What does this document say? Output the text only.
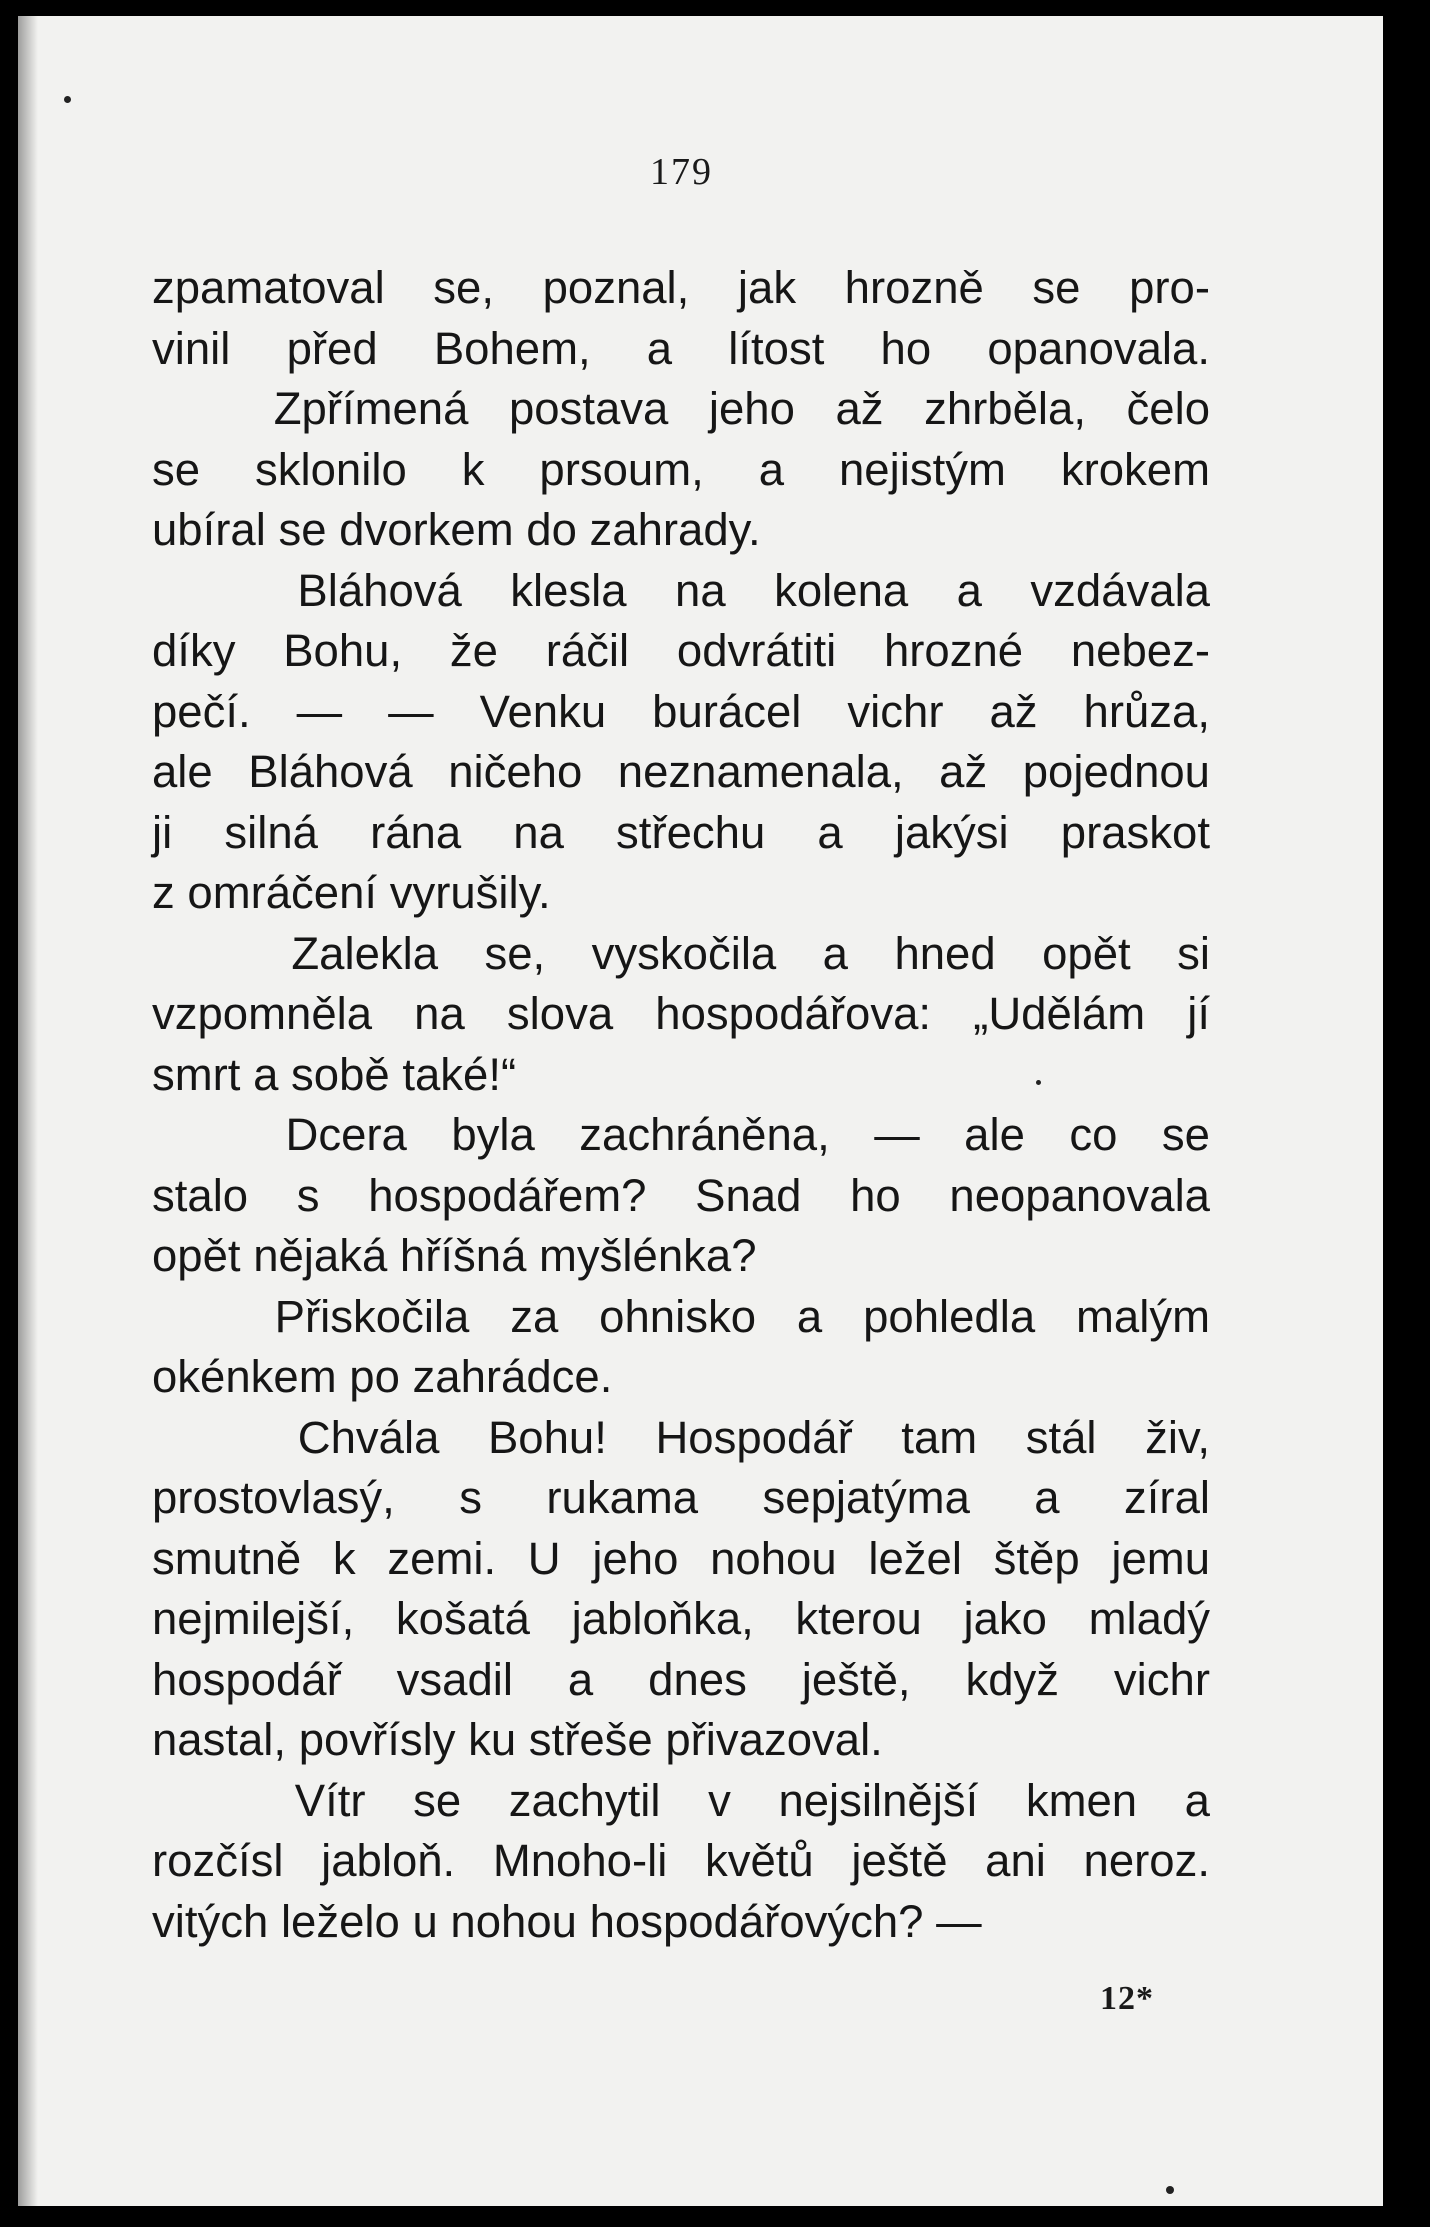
179
zpamatoval se, poznal, jak hrozně se pro-
vinil před Bohem, a lítost ho opanovala.
Zpřímená postava jeho až zhrběla, čelo
se sklonilo k prsoum, a nejistým krokem
ubíral se dvorkem do zahrady.
Bláhová klesla na kolena a vzdávala
díky Bohu, že ráčil odvrátiti hrozné nebez-
pečí. — — Venku burácel vichr až hrůza,
ale Bláhová ničeho neznamenala, až pojednou
ji silná rána na střechu a jakýsi praskot
z omráčení vyrušily.
Zalekla se, vyskočila a hned opět si
vzpomněla na slova hospodářova: „Udělám jí
smrt a sobě také!“
Dcera byla zachráněna, — ale co se
stalo s hospodářem? Snad ho neopanovala
opět nějaká hříšná myšlénka?
Přiskočila za ohnisko a pohledla malým
okénkem po zahrádce.
Chvála Bohu! Hospodář tam stál živ,
prostovlasý, s rukama sepjatýma a zíral
smutně k zemi. U jeho nohou ležel štěp jemu
nejmilejší, košatá jabloňka, kterou jako mladý
hospodář vsadil a dnes ještě, když vichr
nastal, povřísly ku střeše přivazoval.
Vítr se zachytil v nejsilnější kmen a
rozčísl jabloň. Mnoho-li květů ještě ani neroz.
vitých leželo u nohou hospodářových? —
12*
